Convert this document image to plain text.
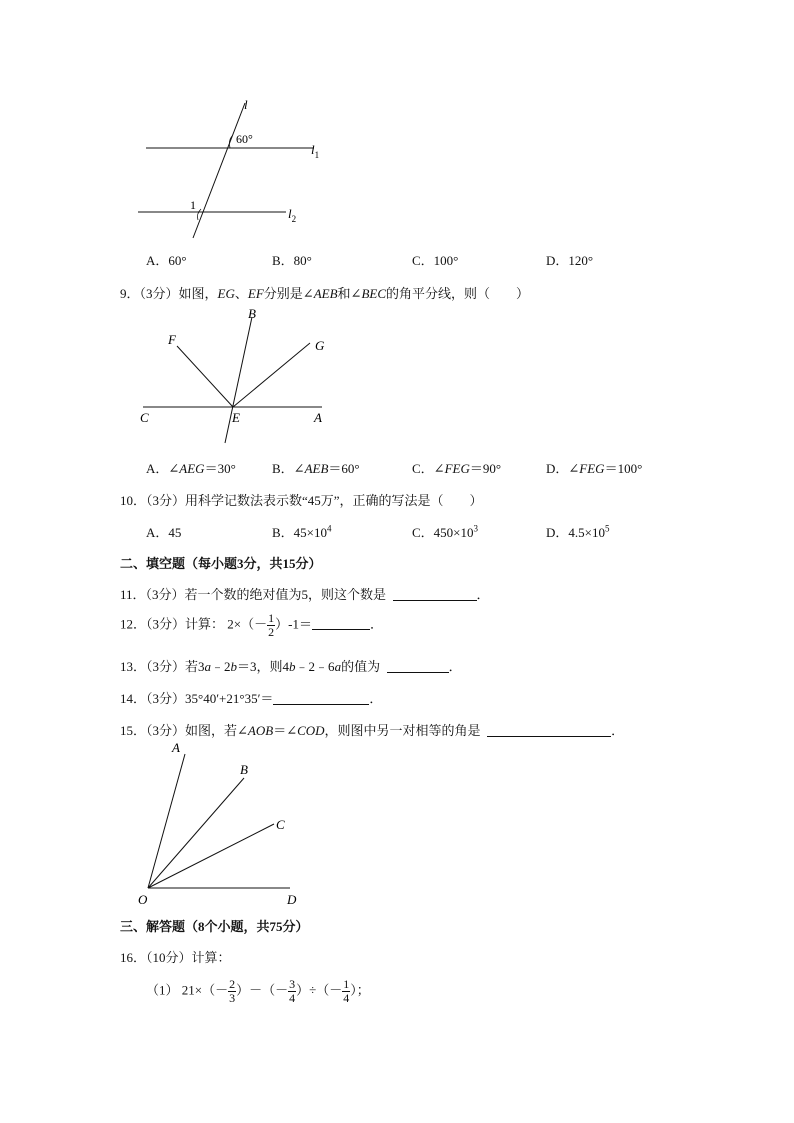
l
60°
$l_1$
1
$l_2$
A．60°	B．80°	C．100°	D．120°
9．（3分）如图，EG、EF分别是∠AEB和∠BEC的角平分线，则（　　）
B
F	G
C	E	A
A．∠AEG＝30°	B．∠AEB＝60°	C．∠FEG＝90°	D．∠FEG＝100°
10．（3分）用科学记数法表示数“45万”，正确的写法是（　　）
A．45	B．$45\times 10^4$	C．$450\times 10^3$	D．$4.5\times 10^5$
二、填空题（每小题3分，共15分）
11．（3分）若一个数的绝对值为5，则这个数是	．
12．（3分）计算： $2\times(- \frac{1}{2} )-1=$	．
13．（3分）若3a﹣2b＝3，则4b﹣2﹣6a的值为	．
14．（3分）35°40′+21°35′＝	．
15．（3分）如图，若∠AOB＝∠COD，则图中另一对相等的角是	．
A
B
C
O	D
三、解答题（8个小题，共75分）
16．（10分）计算：
（1） $21\times(- \frac{2}{3}$ ）－（－ $\frac{3}{4}$ ）÷（－ $\frac{1}{4}$ ）；
